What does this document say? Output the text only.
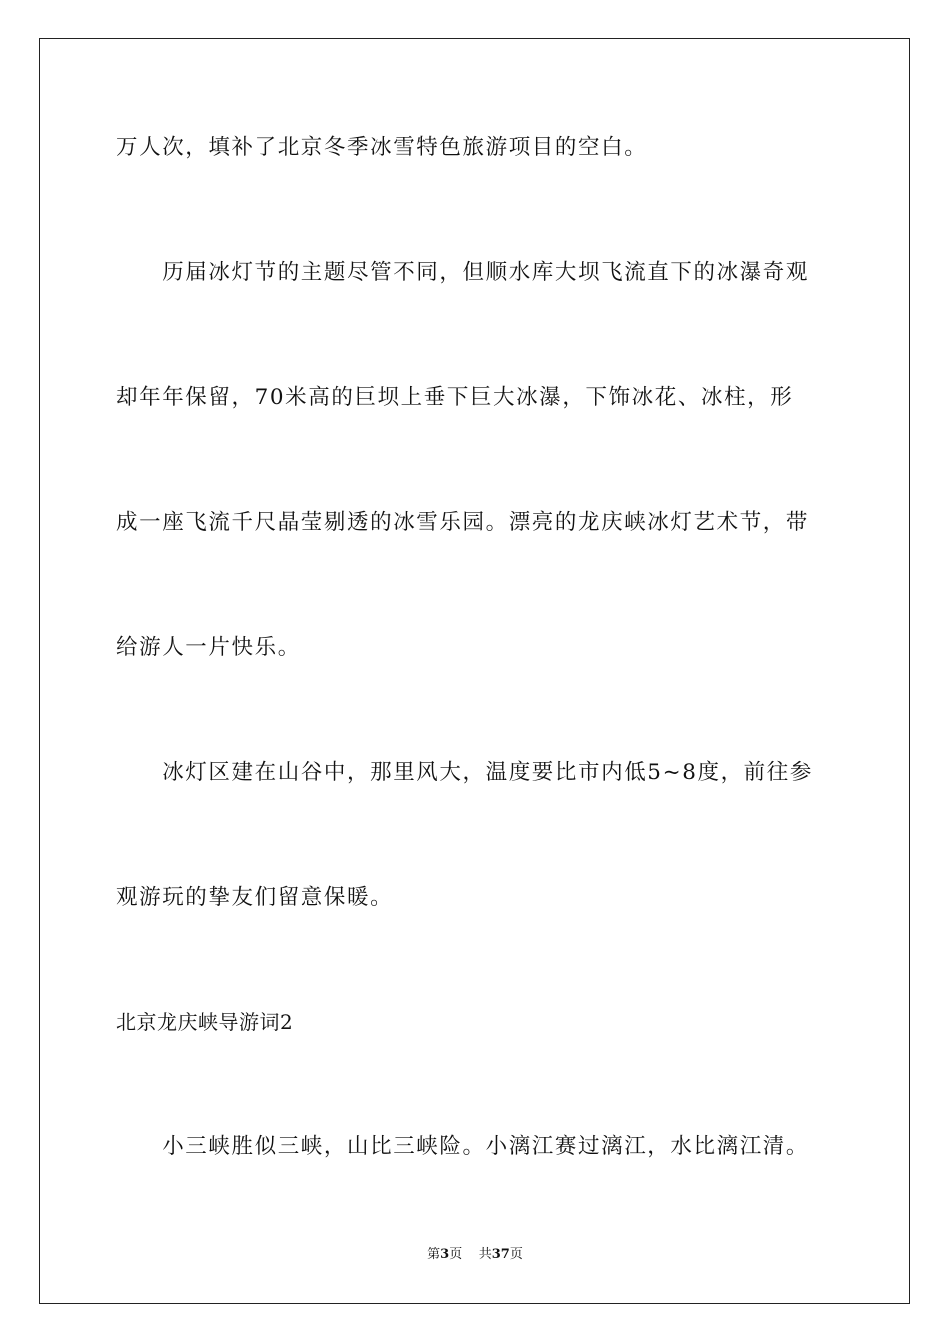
万人次，填补了北京冬季冰雪特色旅游项目的空白。

　　历届冰灯节的主题尽管不同，但顺水库大坝飞流直下的冰瀑奇观

却年年保留，70米高的巨坝上垂下巨大冰瀑，下饰冰花、冰柱，形

成一座飞流千尺晶莹剔透的冰雪乐园。漂亮的龙庆峡冰灯艺术节，带

给游人一片快乐。

　　冰灯区建在山谷中，那里风大，温度要比市内低5~8度，前往参

观游玩的挚友们留意保暖。

北京龙庆峡导游词2

　　小三峡胜似三峡，山比三峡险。小漓江赛过漓江，水比漓江清。

第3页 共37页
